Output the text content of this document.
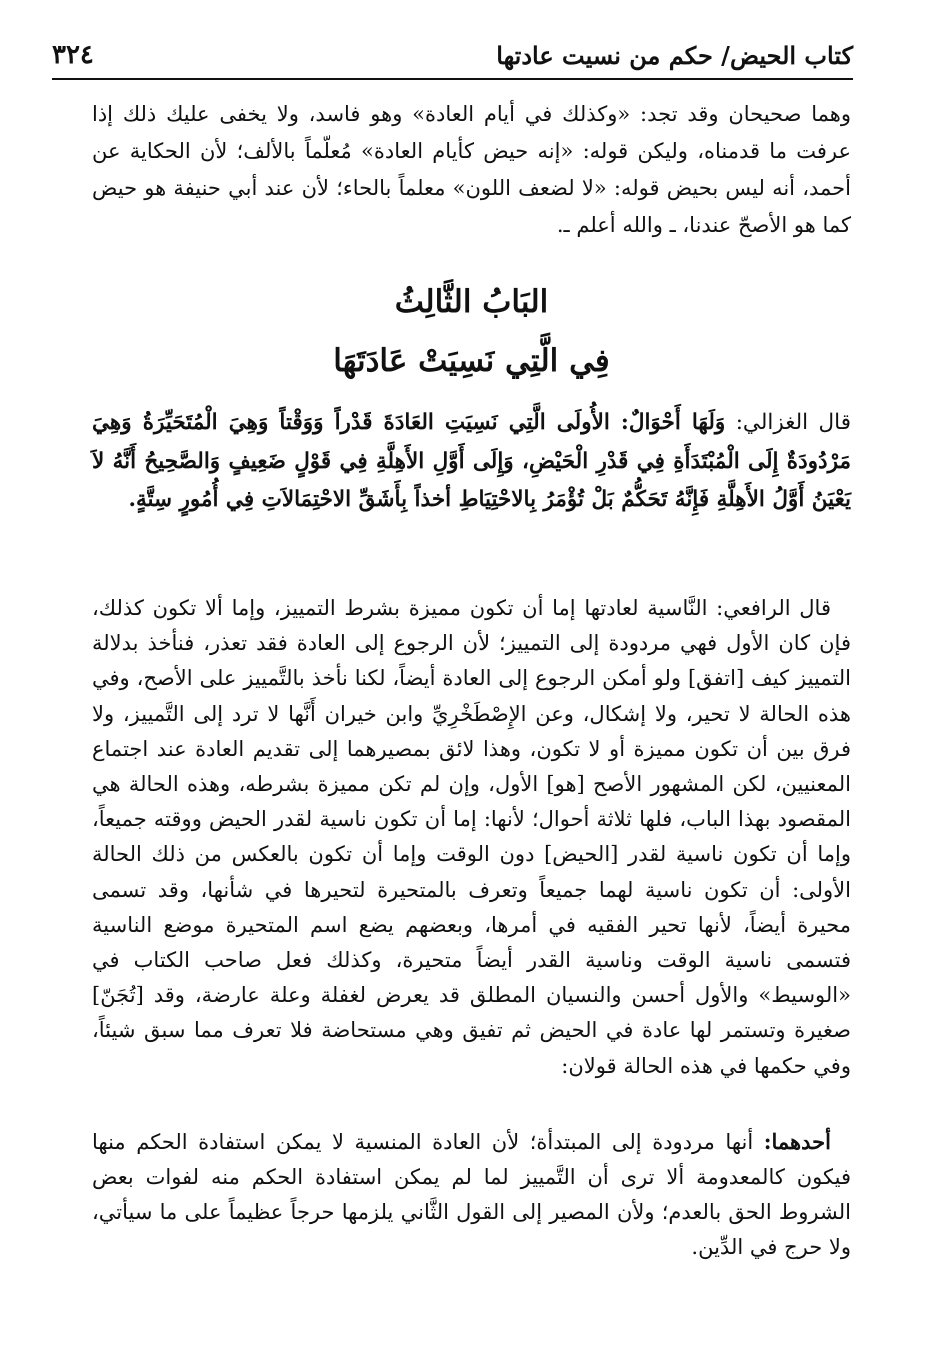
كتاب الحيض/ حكم من نسيت عادتها
٣٢٤

وهما صحيحان وقد تجد: «وكذلك في أيام العادة» وهو فاسد، ولا يخفى عليك ذلك إذا عرفت ما قدمناه، وليكن قوله: «إنه حيض كأيام العادة» مُعلّماً بالألف؛ لأن الحكاية عن أحمد، أنه ليس بحيض قوله: «لا لضعف اللون» معلماً بالحاء؛ لأن عند أبي حنيفة هو حيض كما هو الأصحّ عندنا، ـ والله أعلم ـ.

البَابُ الثَّالِثُ
فِي الَّتِي نَسِيَتْ عَادَتَهَا

قال الغزالي: وَلَهَا أَحْوَالٌ: الأُولَى الَّتِي نَسِيَتِ العَادَةَ قَدْراً وَوَقْتاً وَهِيَ الْمُتَحَيِّرَةُ وَهِيَ مَرْدُودَةٌ إِلَى الْمُبْتَدَأَةِ فِي قَدْرِ الْحَيْضِ، وَإِلَى أَوَّلِ الأَهِلَّةِ فِي قَوْلٍ ضَعِيفٍ وَالصَّحِيحُ أَنَّهُ لاَ يَعْيَنُ أَوَّلُ الأَهِلَّةِ فَإِنَّهُ تَحَكُّمٌ بَلْ تُؤْمَرُ بِالاحْتِيَاطِ أخذاً بِأَشَقِّ الاحْتِمَالاَتِ فِي أُمُورٍ سِتَّةٍ.

قال الرافعي: النَّاسية لعادتها إما أن تكون مميزة بشرط التمييز، وإما ألا تكون كذلك، فإن كان الأول فهي مردودة إلى التمييز؛ لأن الرجوع إلى العادة فقد تعذر، فنأخذ بدلالة التمييز كيف [اتفق] ولو أمكن الرجوع إلى العادة أيضاً، لكنا نأخذ بالتَّمييز على الأصح، وفي هذه الحالة لا تحير، ولا إشكال، وعن الإِصْطَخْرِيِّ وابن خيران أَنَّها لا ترد إلى التَّمييز، ولا فرق بين أن تكون مميزة أو لا تكون، وهذا لائق بمصيرهما إلى تقديم العادة عند اجتماع المعنيين، لكن المشهور الأصح [هو] الأول، وإن لم تكن مميزة بشرطه، وهذه الحالة هي المقصود بهذا الباب، فلها ثلاثة أحوال؛ لأنها: إما أن تكون ناسية لقدر الحيض ووقته جميعاً، وإما أن تكون ناسية لقدر [الحيض] دون الوقت وإما أن تكون بالعكس من ذلك الحالة الأولى: أن تكون ناسية لهما جميعاً وتعرف بالمتحيرة لتحيرها في شأنها، وقد تسمى محيرة أيضاً، لأنها تحير الفقيه في أمرها، وبعضهم يضع اسم المتحيرة موضع الناسية فتسمى ناسية الوقت وناسية القدر أيضاً متحيرة، وكذلك فعل صاحب الكتاب في «الوسيط» والأول أحسن والنسيان المطلق قد يعرض لغفلة وعلة عارضة، وقد [تُجَنّ] صغيرة وتستمر لها عادة في الحيض ثم تفيق وهي مستحاضة فلا تعرف مما سبق شيئاً، وفي حكمها في هذه الحالة قولان:

أحدهما: أنها مردودة إلى المبتدأة؛ لأن العادة المنسية لا يمكن استفادة الحكم منها فيكون كالمعدومة ألا ترى أن التَّمييز لما لم يمكن استفادة الحكم منه لفوات بعض الشروط الحق بالعدم؛ ولأن المصير إلى القول الثَّاني يلزمها حرجاً عظيماً على ما سيأتي، ولا حرج في الدِّين.
